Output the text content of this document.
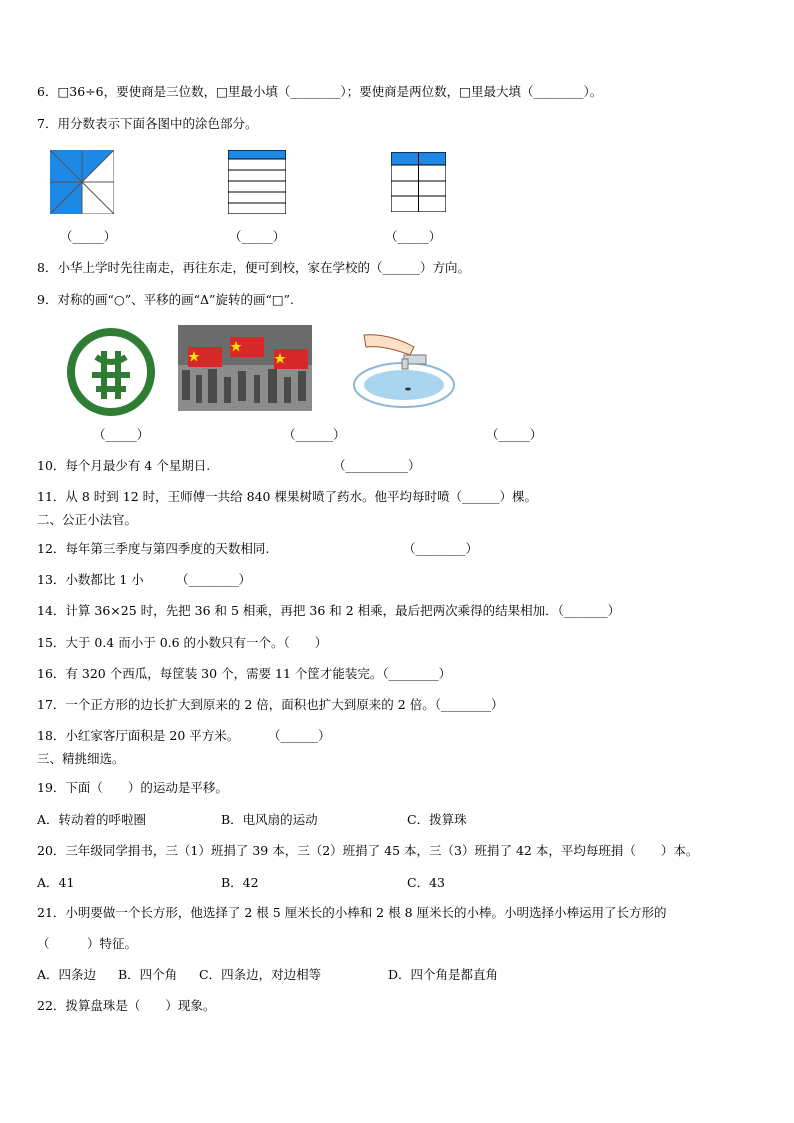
6．□36÷6，要使商是三位数，□里最小填（________）；要使商是两位数，□里最大填（________）。
7．用分数表示下面各图中的涂色部分。
（_____）	（_____）	（_____）
8．小华上学时先往南走，再往东走，便可到校，家在学校的（______）方向。
9．对称的画“○”、平移的画“Δ”旋转的画“□”.
（_____）	（______）	（_____）
10．每个月最少有 4 个星期日.	（__________）
11．从 8 时到 12 时，王师傅一共给 840 棵果树喷了药水。他平均每时喷（______）棵。
二、公正小法官。
12．每年第三季度与第四季度的天数相同.	（________）
13．小数都比 1 小	（________）
14．计算 36×25 时，先把 36 和 5 相乘，再把 36 和 2 相乘，最后把两次乘得的结果相加．（_______）
15．大于 0.4 而小于 0.6 的小数只有一个。（　　）
16．有 320 个西瓜，每筐装 30 个，需要 11 个筐才能装完。（________）
17．一个正方形的边长扩大到原来的 2 倍，面积也扩大到原来的 2 倍。（________）
18．小红家客厅面积是 20 平方米。 （______）
三、精挑细选。
19．下面（　　）的运动是平移。
A．转动着的呼啦圈	B．电风扇的运动	C．拨算珠
20．三年级同学捐书，三（1）班捐了 39 本，三（2）班捐了 45 本，三（3）班捐了 42 本，平均每班捐（　　）本。
A．41	B．42	C．43
21．小明要做一个长方形，他选择了 2 根 5 厘米长的小棒和 2 根 8 厘米长的小棒。小明选择小棒运用了长方形的
（　　　）特征。
A．四条边 B．四个角 C．四条边，对边相等	D．四个角是都直角
22．拨算盘珠是（　　）现象。
